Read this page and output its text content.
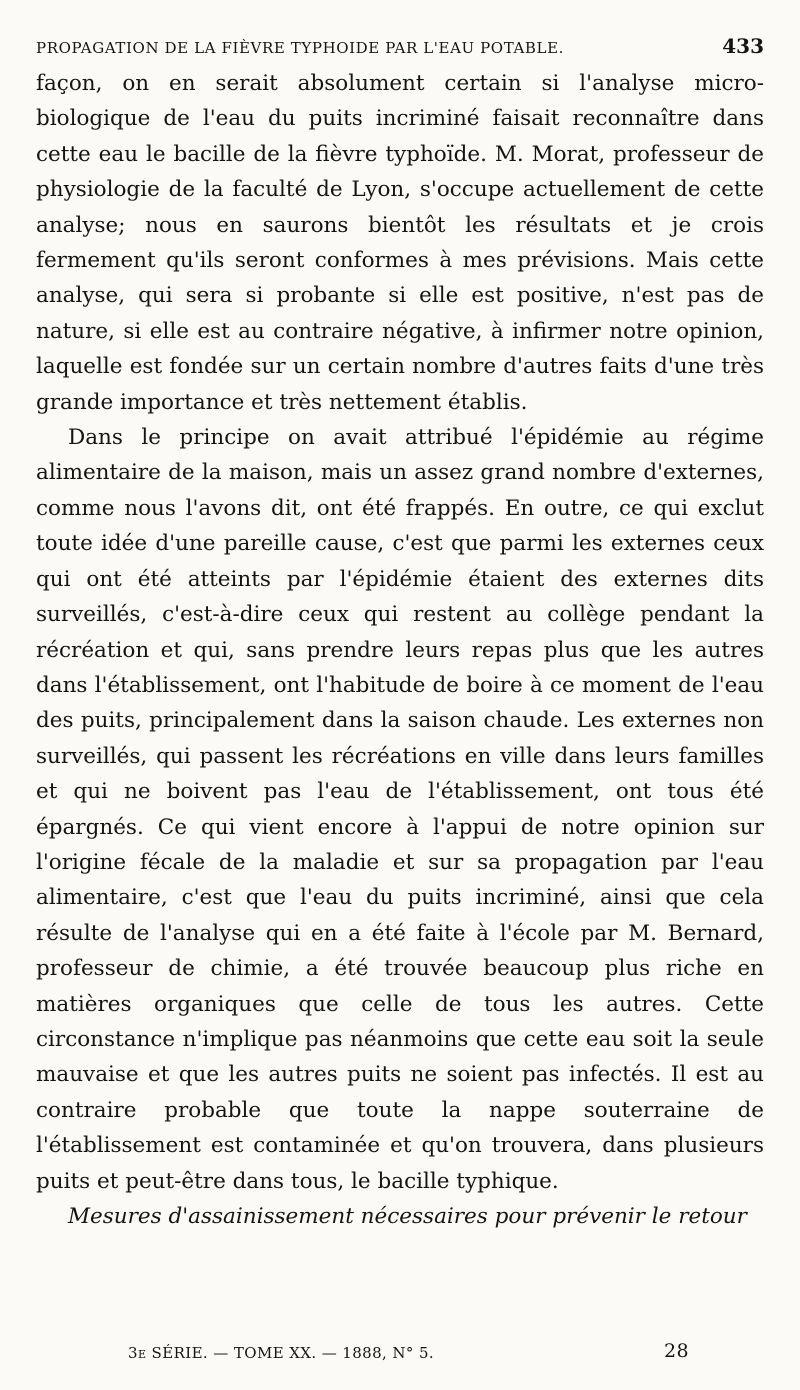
PROPAGATION DE LA FIÈVRE TYPHOIDE PAR L'EAU POTABLE.	433

façon, on en serait absolument certain si l'analyse micro-biologique de l'eau du puits incriminé faisait reconnaître dans cette eau le bacille de la fièvre typhoïde. M. Morat, professeur de physiologie de la faculté de Lyon, s'occupe actuellement de cette analyse; nous en saurons bientôt les résultats et je crois fermement qu'ils seront conformes à mes prévisions. Mais cette analyse, qui sera si probante si elle est positive, n'est pas de nature, si elle est au contraire négative, à infirmer notre opinion, laquelle est fondée sur un certain nombre d'autres faits d'une très grande importance et très nettement établis.

Dans le principe on avait attribué l'épidémie au régime alimentaire de la maison, mais un assez grand nombre d'externes, comme nous l'avons dit, ont été frappés. En outre, ce qui exclut toute idée d'une pareille cause, c'est que parmi les externes ceux qui ont été atteints par l'épidémie étaient des externes dits surveillés, c'est-à-dire ceux qui restent au collège pendant la récréation et qui, sans prendre leurs repas plus que les autres dans l'établissement, ont l'habitude de boire à ce moment de l'eau des puits, principalement dans la saison chaude. Les externes non surveillés, qui passent les récréations en ville dans leurs familles et qui ne boivent pas l'eau de l'établissement, ont tous été épargnés. Ce qui vient encore à l'appui de notre opinion sur l'origine fécale de la maladie et sur sa propagation par l'eau alimentaire, c'est que l'eau du puits incriminé, ainsi que cela résulte de l'analyse qui en a été faite à l'école par M. Bernard, professeur de chimie, a été trouvée beaucoup plus riche en matières organiques que celle de tous les autres. Cette circonstance n'implique pas néanmoins que cette eau soit la seule mauvaise et que les autres puits ne soient pas infectés. Il est au contraire probable que toute la nappe souterraine de l'établissement est contaminée et qu'on trouvera, dans plusieurs puits et peut-être dans tous, le bacille typhique.

Mesures d'assainissement nécessaires pour prévenir le retour

3e SÉRIE. — TOME XX. — 1888, N° 5.	28
